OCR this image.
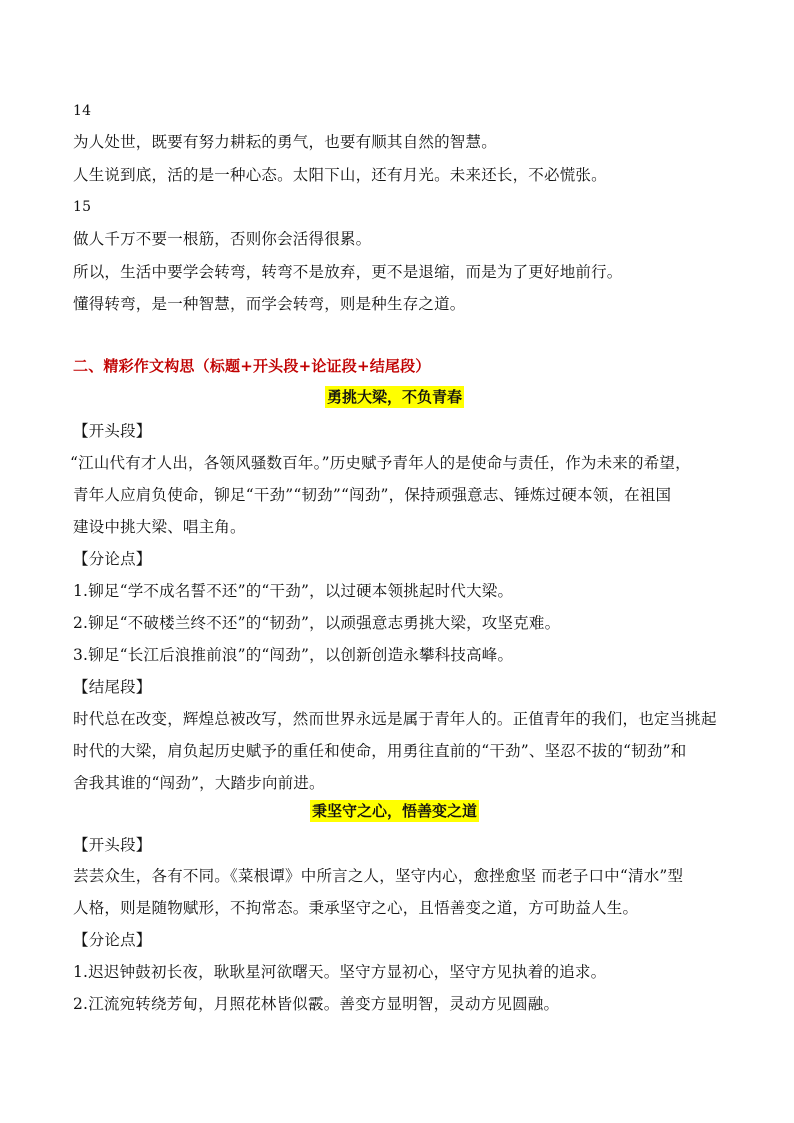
14
为人处世，既要有努力耕耘的勇气，也要有顺其自然的智慧。
人生说到底，活的是一种心态。太阳下山，还有月光。未来还长，不必慌张。
15
做人千万不要一根筋，否则你会活得很累。
所以，生活中要学会转弯，转弯不是放弃，更不是退缩，而是为了更好地前行。
懂得转弯，是一种智慧，而学会转弯，则是种生存之道。
二、精彩作文构思（标题+开头段+论证段+结尾段）
勇挑大梁，不负青春
【开头段】
“江山代有才人出，各领风骚数百年。”历史赋予青年人的是使命与责任，作为未来的希望，
青年人应肩负使命，铆足“干劲”“韧劲”“闯劲”，保持顽强意志、锤炼过硬本领，在祖国
建设中挑大梁、唱主角。
【分论点】
1.铆足“学不成名誓不还”的“干劲”，以过硬本领挑起时代大梁。
2.铆足“不破楼兰终不还”的“韧劲”，以顽强意志勇挑大梁，攻坚克难。
3.铆足“长江后浪推前浪”的“闯劲”，以创新创造永攀科技高峰。
【结尾段】
时代总在改变，辉煌总被改写，然而世界永远是属于青年人的。正值青年的我们，也定当挑起
时代的大梁，肩负起历史赋予的重任和使命，用勇往直前的“干劲”、坚忍不拔的“韧劲”和
舍我其谁的“闯劲”，大踏步向前进。
秉坚守之心，悟善变之道
【开头段】
芸芸众生，各有不同。《菜根谭》中所言之人，坚守内心，愈挫愈坚 而老子口中“清水”型
人格，则是随物赋形，不拘常态。秉承坚守之心，且悟善变之道，方可助益人生。
【分论点】
1.迟迟钟鼓初长夜，耿耿星河欲曙天。坚守方显初心，坚守方见执着的追求。
2.江流宛转绕芳甸，月照花林皆似霰。善变方显明智，灵动方见圆融。
